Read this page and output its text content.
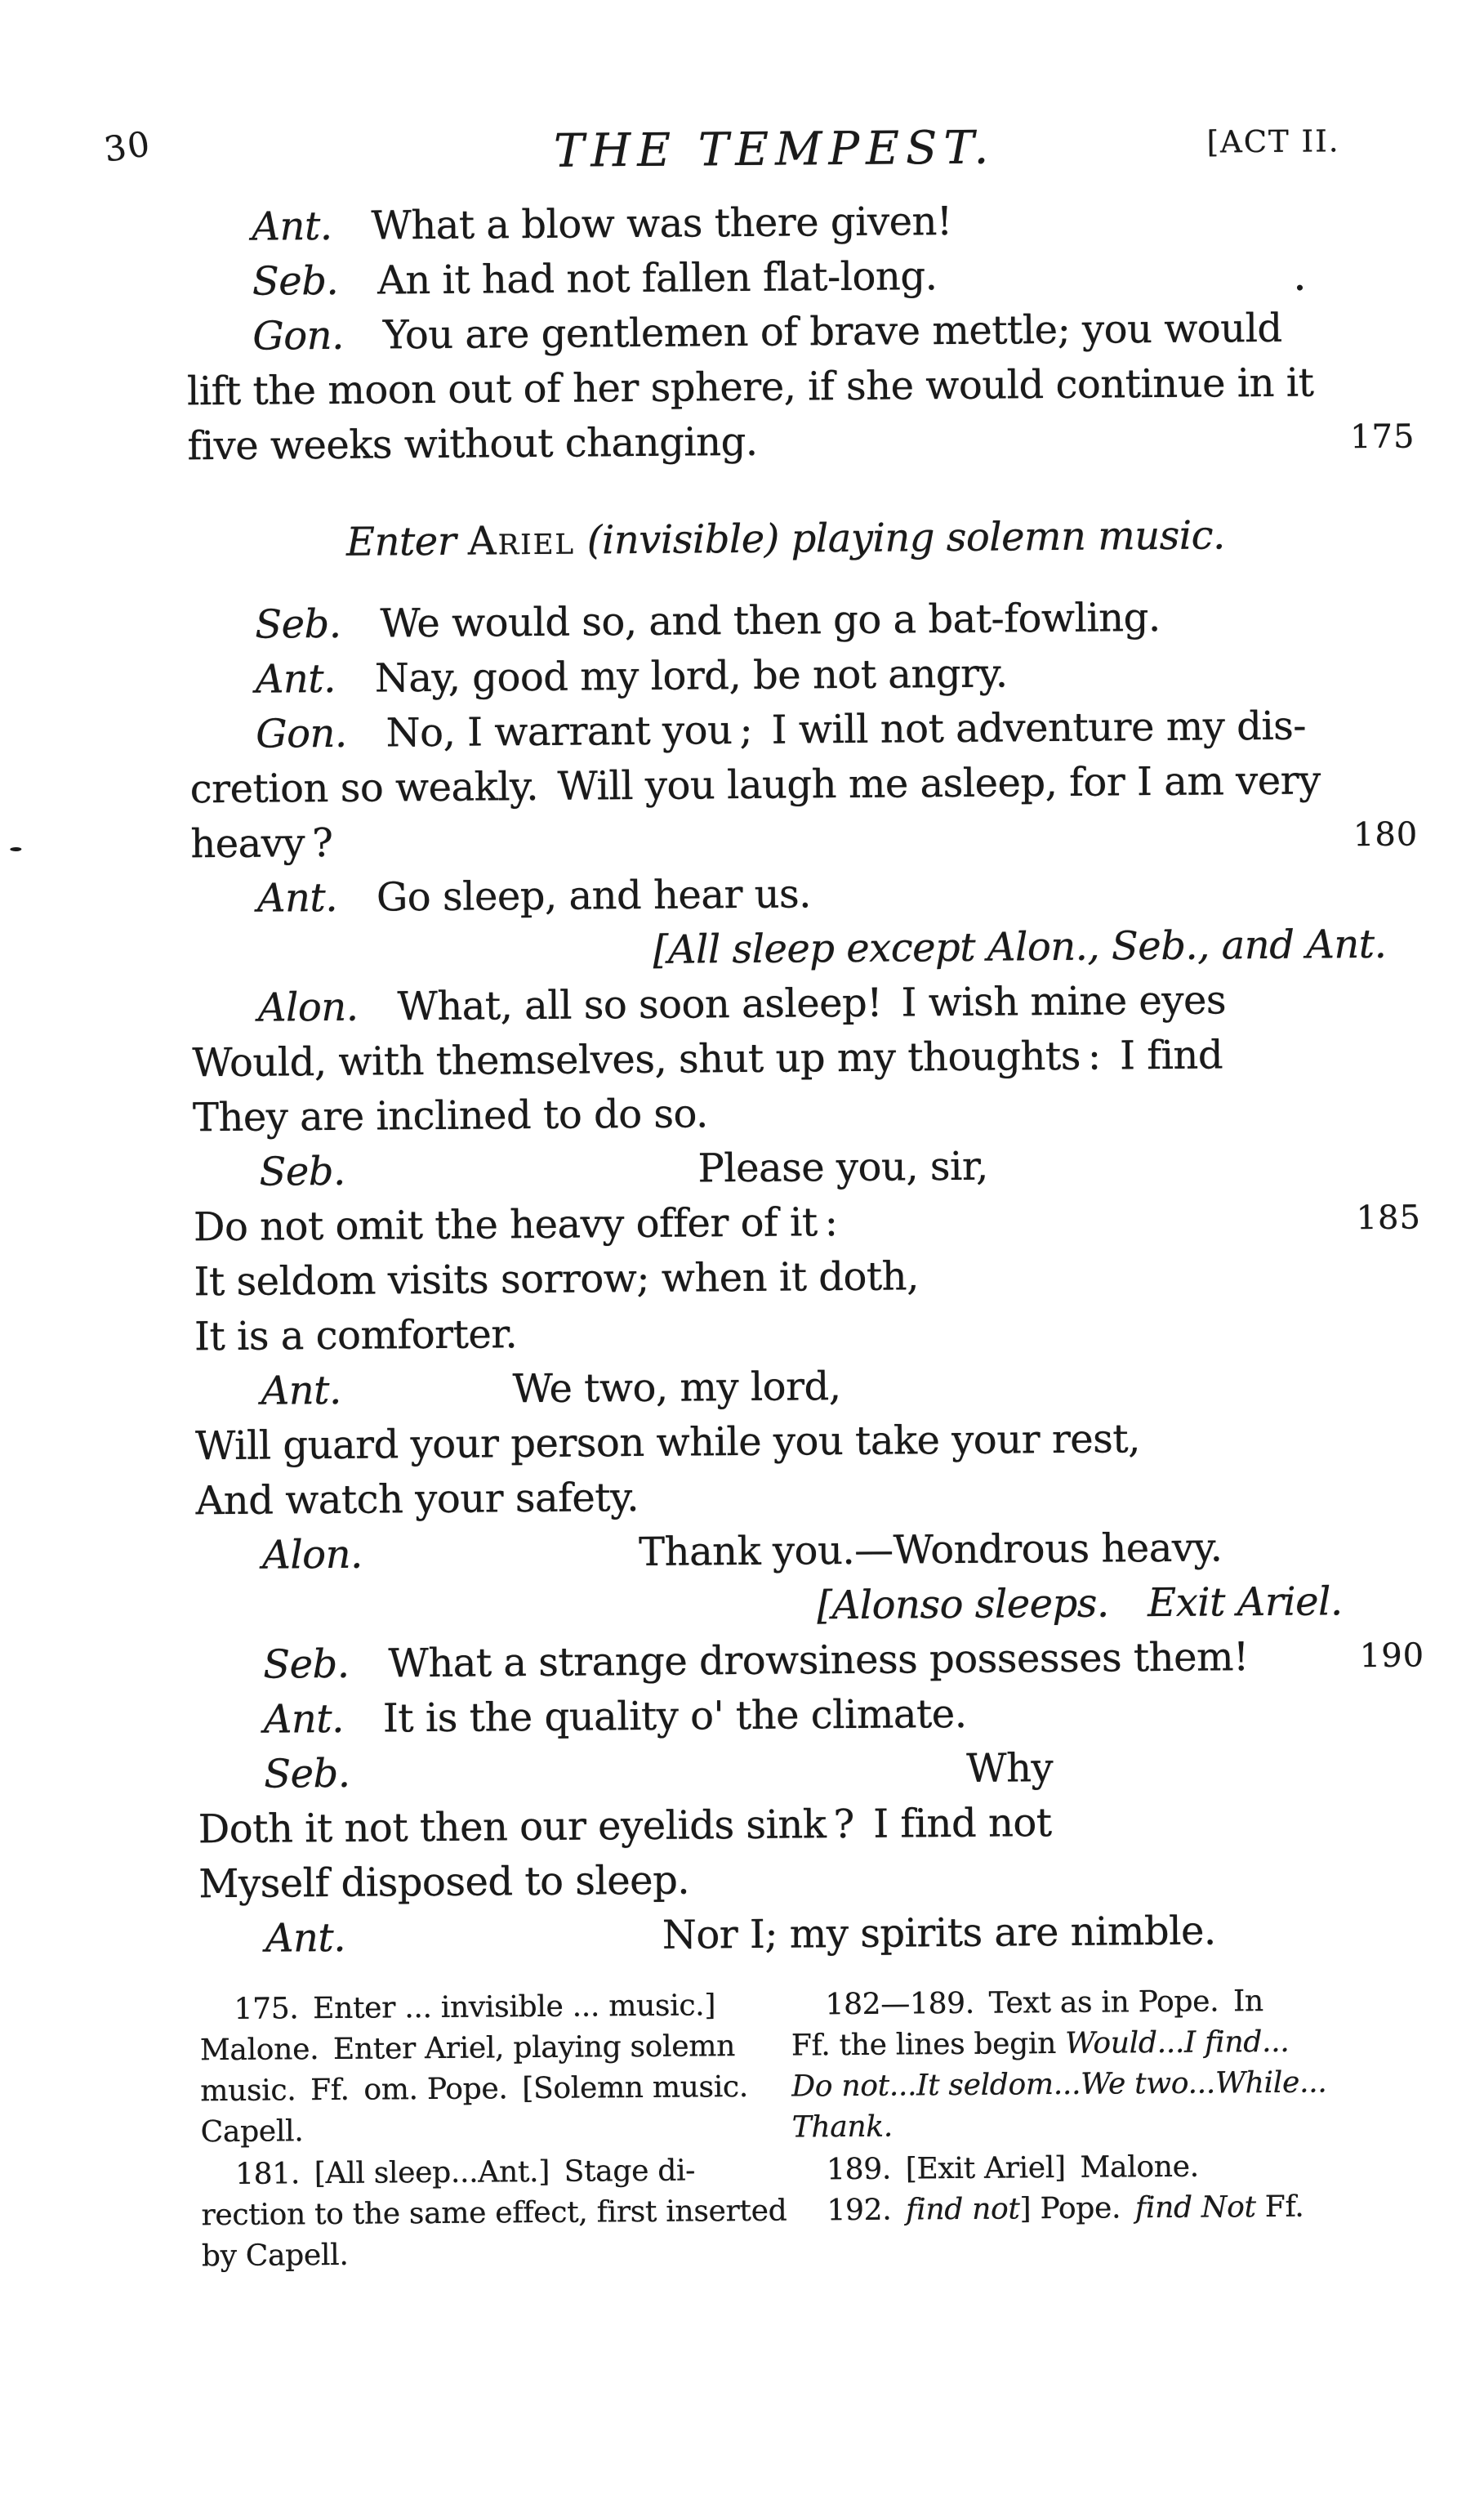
30	THE TEMPEST.	[ACT II.
Ant. What a blow was there given!
Seb. An it had not fallen flat-long.
Gon. You are gentlemen of brave mettle; you would
lift the moon out of her sphere, if she would continue in it
five weeks without changing.
Enter Ariel (invisible) playing solemn music.
Seb. We would so, and then go a bat-fowling.
Ant. Nay, good my lord, be not angry.
Gon. No, I warrant you ; I will not adventure my dis-
cretion so weakly. Will you laugh me asleep, for I am very
heavy ?
Ant. Go sleep, and hear us.
[All sleep except Alon., Seb., and Ant.
Alon. What, all so soon asleep! I wish mine eyes
Would, with themselves, shut up my thoughts : I find
They are inclined to do so.
Seb.	Please you, sir,
Do not omit the heavy offer of it :
It seldom visits sorrow; when it doth,
It is a comforter.
Ant.	We two, my lord,
Will guard your person while you take your rest,
And watch your safety.
Alon.	Thank you.—Wondrous heavy.
[Alonso sleeps. Exit Ariel.
Seb. What a strange drowsiness possesses them!
Ant. It is the quality o' the climate.
Seb.	Why
Doth it not then our eyelids sink ? I find not
Myself disposed to sleep.
Ant.	Nor I; my spirits are nimble.
175
180
185
190
175. Enter ... invisible ... music.]
Malone. Enter Ariel, playing solemn
music. Ff. om. Pope. [Solemn music.
Capell.
181. [All sleep...Ant.] Stage di-
rection to the same effect, first inserted
by Capell.
182—189. Text as in Pope. In
Ff. the lines begin Would...I find...
Do not...It seldom...We two...While...
Thank.
189. [Exit Ariel] Malone.
192. find not] Pope. find Not Ff.
